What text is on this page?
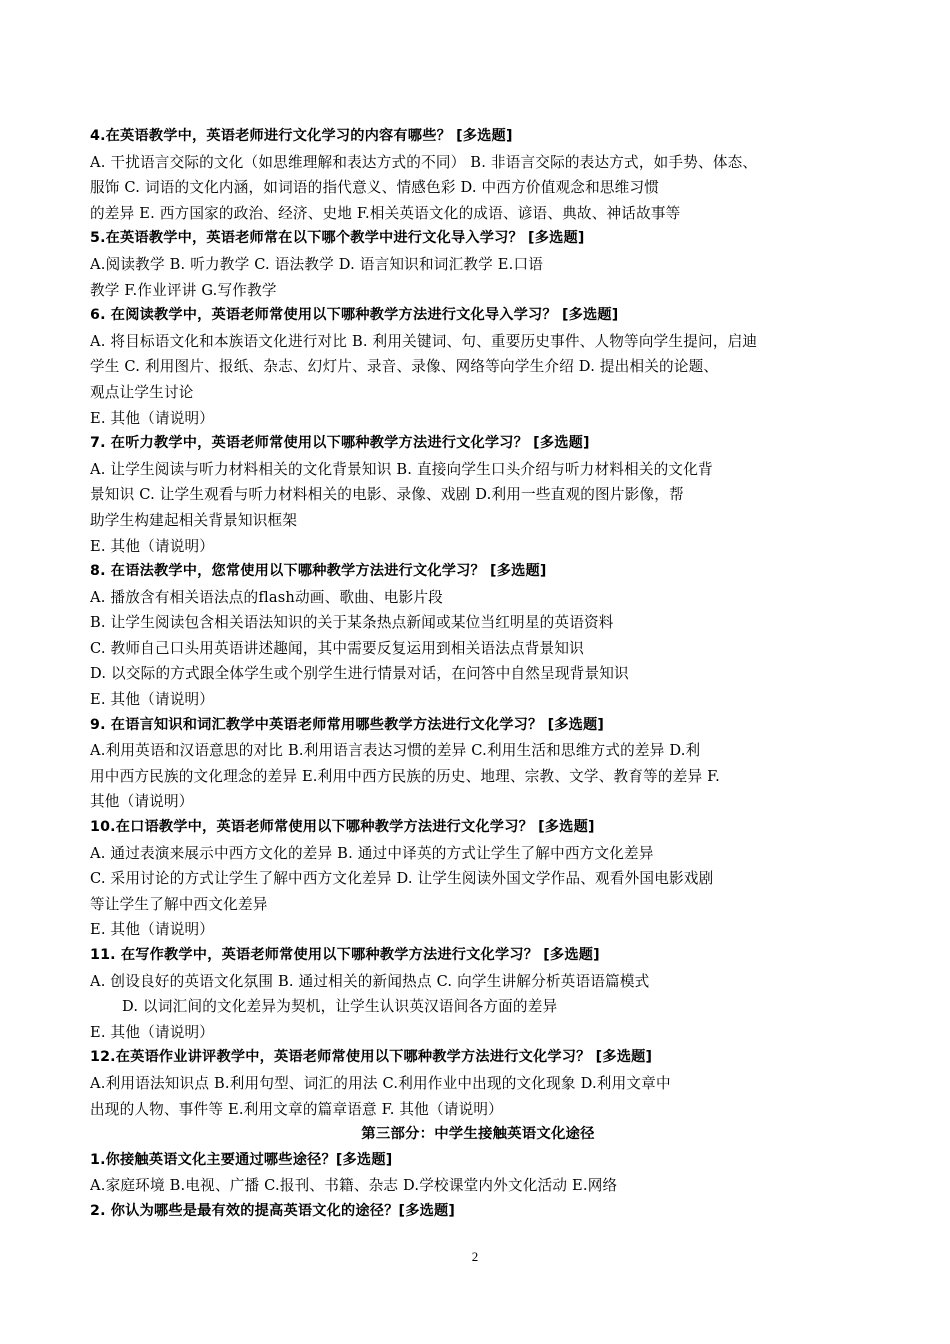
4.在英语教学中，英语老师进行文化学习的内容有哪些？ [多选题]
A. 干扰语言交际的文化（如思维理解和表达方式的不同） B. 非语言交际的表达方式，如手势、体态、
服饰 C. 词语的文化内涵，如词语的指代意义、情感色彩 D. 中西方价值观念和思维习惯
的差异 E. 西方国家的政治、经济、史地 F.相关英语文化的成语、谚语、典故、神话故事等
5.在英语教学中，英语老师常在以下哪个教学中进行文化导入学习？ [多选题]
A.阅读教学 B. 听力教学 C. 语法教学 D. 语言知识和词汇教学 E.口语
教学 F.作业评讲 G.写作教学
6. 在阅读教学中，英语老师常使用以下哪种教学方法进行文化导入学习？ [多选题]
A. 将目标语文化和本族语文化进行对比 B. 利用关键词、句、重要历史事件、人物等向学生提问，启迪
学生 C. 利用图片、报纸、杂志、幻灯片、录音、录像、网络等向学生介绍 D. 提出相关的论题、
观点让学生讨论
E. 其他（请说明）
7. 在听力教学中，英语老师常使用以下哪种教学方法进行文化学习？ [多选题]
A. 让学生阅读与听力材料相关的文化背景知识 B. 直接向学生口头介绍与听力材料相关的文化背
景知识 C. 让学生观看与听力材料相关的电影、录像、戏剧 D.利用一些直观的图片影像，帮
助学生构建起相关背景知识框架
E. 其他（请说明）
8. 在语法教学中，您常使用以下哪种教学方法进行文化学习？ [多选题]
A. 播放含有相关语法点的flash动画、歌曲、电影片段
B. 让学生阅读包含相关语法知识的关于某条热点新闻或某位当红明星的英语资料
C. 教师自己口头用英语讲述趣闻，其中需要反复运用到相关语法点背景知识
D. 以交际的方式跟全体学生或个别学生进行情景对话，在问答中自然呈现背景知识
E. 其他（请说明）
9. 在语言知识和词汇教学中英语老师常用哪些教学方法进行文化学习？ [多选题]
A.利用英语和汉语意思的对比 B.利用语言表达习惯的差异 C.利用生活和思维方式的差异 D.利
用中西方民族的文化理念的差异 E.利用中西方民族的历史、地理、宗教、文学、教育等的差异 F.
其他（请说明）
10.在口语教学中，英语老师常使用以下哪种教学方法进行文化学习？ [多选题]
A. 通过表演来展示中西方文化的差异 B. 通过中译英的方式让学生了解中西方文化差异
C. 采用讨论的方式让学生了解中西方文化差异 D. 让学生阅读外国文学作品、观看外国电影戏剧
等让学生了解中西文化差异
E. 其他（请说明）
11. 在写作教学中，英语老师常使用以下哪种教学方法进行文化学习？ [多选题]
A. 创设良好的英语文化氛围 B. 通过相关的新闻热点 C. 向学生讲解分析英语语篇模式
D. 以词汇间的文化差异为契机，让学生认识英汉语间各方面的差异
E. 其他（请说明）
12.在英语作业讲评教学中，英语老师常使用以下哪种教学方法进行文化学习？ [多选题]
A.利用语法知识点 B.利用句型、词汇的用法 C.利用作业中出现的文化现象 D.利用文章中
出现的人物、事件等 E.利用文章的篇章语意 F. 其他（请说明）
第三部分：中学生接触英语文化途径
1.你接触英语文化主要通过哪些途径？[多选题]
A.家庭环境 B.电视、广播 C.报刊、书籍、杂志 D.学校课堂内外文化活动 E.网络
2. 你认为哪些是最有效的提高英语文化的途径？[多选题]
2
